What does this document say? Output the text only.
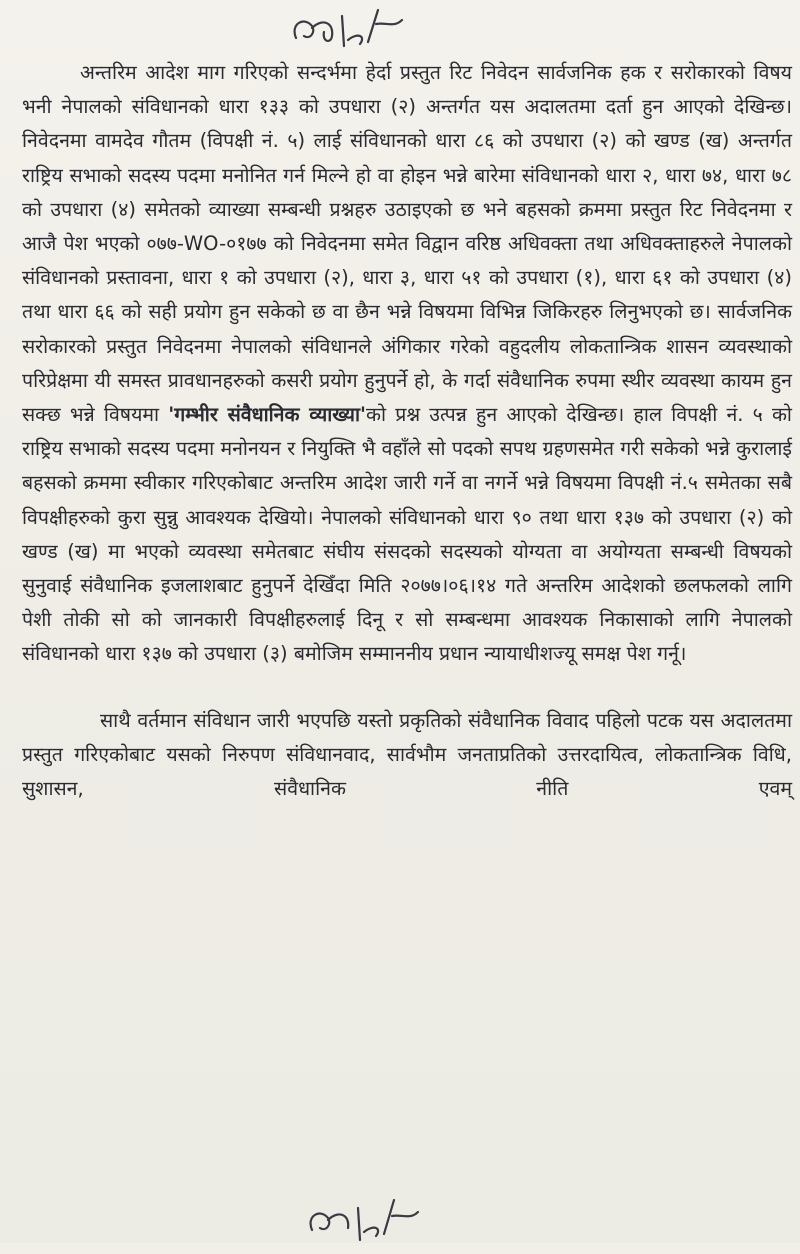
अन्तरिम आदेश माग गरिएको सन्दर्भमा हेर्दा प्रस्तुत रिट निवेदन सार्वजनिक हक र सरोकारको विषय भनी नेपालको संविधानको धारा १३३ को उपधारा (२) अन्तर्गत यस अदालतमा दर्ता हुन आएको देखिन्छ। निवेदनमा वामदेव गौतम (विपक्षी नं. ५) लाई संविधानको धारा ८६ को उपधारा (२) को खण्ड (ख) अन्तर्गत राष्ट्रिय सभाको सदस्य पदमा मनोनित गर्न मिल्ने हो वा होइन भन्ने बारेमा संविधानको धारा २, धारा ७४, धारा ७८ को उपधारा (४) समेतको व्याख्या सम्बन्धी प्रश्नहरु उठाइएको छ भने बहसको क्रममा प्रस्तुत रिट निवेदनमा र आजै पेश भएको ०७७-WO-०१७७ को निवेदनमा समेत विद्वान वरिष्ठ अधिवक्ता तथा अधिवक्ताहरुले नेपालको संविधानको प्रस्तावना, धारा १ को उपधारा (२), धारा ३, धारा ५१ को उपधारा (१), धारा ६१ को उपधारा (४) तथा धारा ६६ को सही प्रयोग हुन सकेको छ वा छैन भन्ने विषयमा विभिन्न जिकिरहरु लिनुभएको छ। सार्वजनिक सरोकारको प्रस्तुत निवेदनमा नेपालको संविधानले अंगिकार गरेको वहुदलीय लोकतान्त्रिक शासन व्यवस्थाको परिप्रेक्षमा यी समस्त प्रावधानहरुको कसरी प्रयोग हुनुपर्ने हो, के गर्दा संवैधानिक रुपमा स्थीर व्यवस्था कायम हुन सक्छ भन्ने विषयमा 'गम्भीर संवैधानिक व्याख्या'को प्रश्न उत्पन्न हुन आएको देखिन्छ। हाल विपक्षी नं. ५ को राष्ट्रिय सभाको सदस्य पदमा मनोनयन र नियुक्ति भै वहाँले सो पदको सपथ ग्रहणसमेत गरी सकेको भन्ने कुरालाई बहसको क्रममा स्वीकार गरिएकोबाट अन्तरिम आदेश जारी गर्ने वा नगर्ने भन्ने विषयमा विपक्षी नं.५ समेतका सबै विपक्षीहरुको कुरा सुन्नु आवश्यक देखियो। नेपालको संविधानको धारा ९० तथा धारा १३७ को उपधारा (२) को खण्ड (ख) मा भएको व्यवस्था समेतबाट संघीय संसदको सदस्यको योग्यता वा अयोग्यता सम्बन्धी विषयको सुनुवाई संवैधानिक इजलाशबाट हुनुपर्ने देखिँदा मिति २०७७।०६।१४ गते अन्तरिम आदेशको छलफलको लागि पेशी तोकी सो को जानकारी विपक्षीहरुलाई दिनू र सो सम्बन्धमा आवश्यक निकासाको लागि नेपालको संविधानको धारा १३७ को उपधारा (३) बमोजिम सम्माननीय प्रधान न्यायाधीशज्यू समक्ष पेश गर्नू।

साथै वर्तमान संविधान जारी भएपछि यस्तो प्रकृतिको संवैधानिक विवाद पहिलो पटक यस अदालतमा प्रस्तुत गरिएकोबाट यसको निरुपण संविधानवाद, सार्वभौम जनताप्रतिको उत्तरदायित्व, लोकतान्त्रिक विधि, सुशासन, संवैधानिक नीति एवम्
